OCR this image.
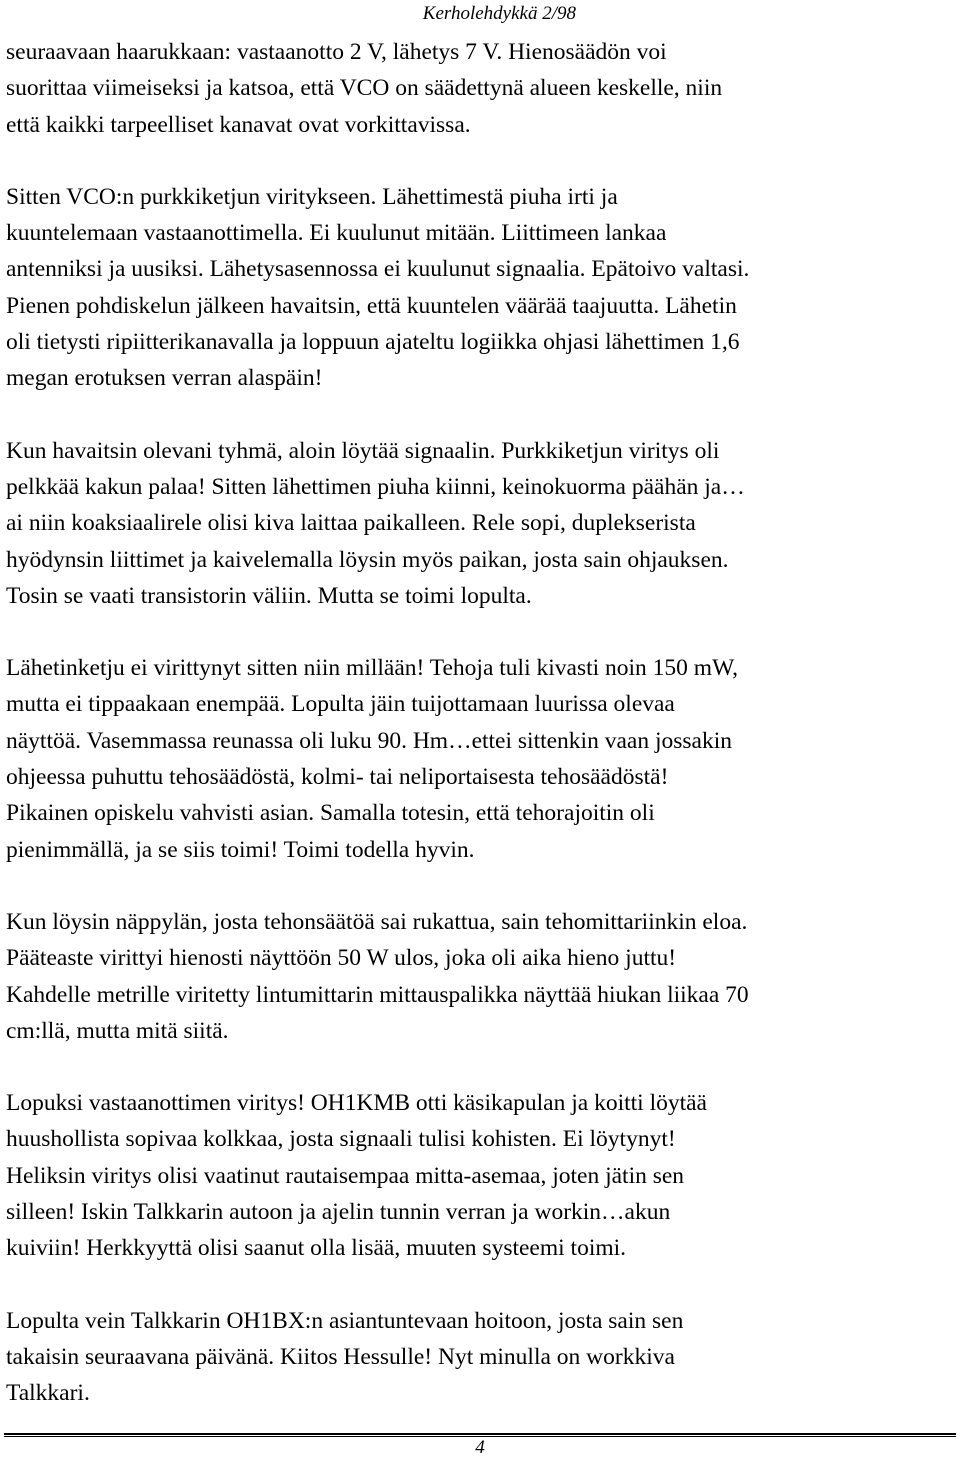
Kerholehdykkä 2/98

seuraavaan haarukkaan: vastaanotto 2 V, lähetys 7 V. Hienosäädön voi
suorittaa viimeiseksi ja katsoa, että VCO on säädettynä alueen keskelle, niin
että kaikki tarpeelliset kanavat ovat vorkittavissa.

Sitten VCO:n purkkiketjun viritykseen. Lähettimestä piuha irti ja
kuuntelemaan vastaanottimella. Ei kuulunut mitään. Liittimeen lankaa
antenniksi ja uusiksi. Lähetysasennossa ei kuulunut signaalia. Epätoivo valtasi.
Pienen pohdiskelun jälkeen havaitsin, että kuuntelen väärää taajuutta. Lähetin
oli tietysti ripiitterikanavalla ja loppuun ajateltu logiikka ohjasi lähettimen 1,6
megan erotuksen verran alaspäin!

Kun havaitsin olevani tyhmä, aloin löytää signaalin. Purkkiketjun viritys oli
pelkkää kakun palaa! Sitten lähettimen piuha kiinni, keinokuorma päähän ja…
ai niin koaksiaalirele olisi kiva laittaa paikalleen. Rele sopi, duplekserista
hyödynsin liittimet ja kaivelemalla löysin myös paikan, josta sain ohjauksen.
Tosin se vaati transistorin väliin. Mutta se toimi lopulta.

Lähetinketju ei virittynyt sitten niin millään! Tehoja tuli kivasti noin 150 mW,
mutta ei tippaakaan enempää. Lopulta jäin tuijottamaan luurissa olevaa
näyttöä. Vasemmassa reunassa oli luku 90. Hm…ettei sittenkin vaan jossakin
ohjeessa puhuttu tehosäädöstä, kolmi- tai neliportaisesta tehosäädöstä!
Pikainen opiskelu vahvisti asian. Samalla totesin, että tehorajoitin oli
pienimmällä, ja se siis toimi! Toimi todella hyvin.

Kun löysin näppylän, josta tehonsäätöä sai rukattua, sain tehomittariinkin eloa.
Pääteaste virittyi hienosti näyttöön 50 W ulos, joka oli aika hieno juttu!
Kahdelle metrille viritetty lintumittarin mittauspalikka näyttää hiukan liikaa 70
cm:llä, mutta mitä siitä.

Lopuksi vastaanottimen viritys! OH1KMB otti käsikapulan ja koitti löytää
huushollista sopivaa kolkkaa, josta signaali tulisi kohisten. Ei löytynyt!
Heliksin viritys olisi vaatinut rautaisempaa mitta-asemaa, joten jätin sen
silleen! Iskin Talkkarin autoon ja ajelin tunnin verran ja workin…akun
kuiviin! Herkkyyttä olisi saanut olla lisää, muuten systeemi toimi.

Lopulta vein Talkkarin OH1BX:n asiantuntevaan hoitoon, josta sain sen
takaisin seuraavana päivänä. Kiitos Hessulle! Nyt minulla on workkiva
Talkkari.

4
